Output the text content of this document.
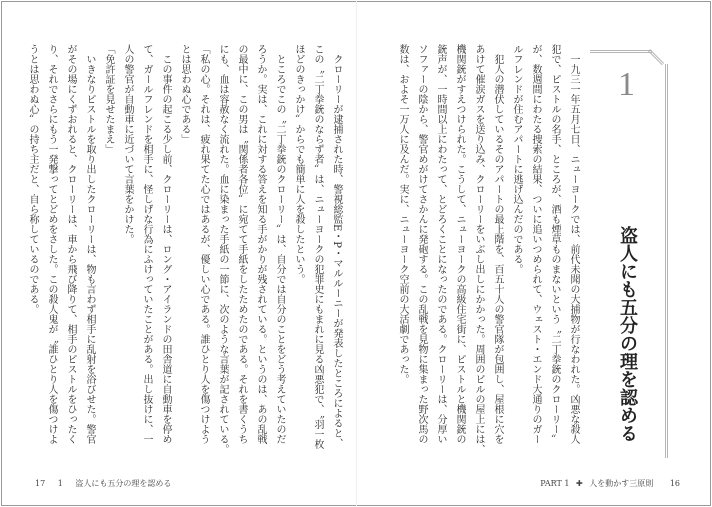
1
盗人にも五分の理を認める

　一九三一年五月七日、ニューヨークでは、前代未聞の大捕物が行なわれた。凶悪な殺人

犯で、ピストルの名手、ところが、酒も煙草ものまないという〝二丁拳銃のクローリー〟

が、数週間にわたる捜索の結果、ついに追いつめられて、ウェスト・エンド大通りのガー

ルフレンドが住むアパートに逃げ込んだのである。

　犯人の潜伏しているそのアパートの最上階を、百五十人の警官隊が包囲し、屋根に穴を

あけて催涙ガスを送り込み、クローリーをいぶし出しにかかった。周囲のビルの屋上には、

機関銃がすえつけられた。こうして、ニューヨークの高級住宅街に、ピストルと機関銃の

銃声が、一時間以上にわたって、とどろくことになったのである。クローリーは、分厚い

ソファーの陰から、警官めがけてさかんに発砲する。この乱戦を見物に集まった野次馬の

数は、およそ一万人に及んだ。実に、ニューヨーク空前の大活劇であった。

　クローリーが逮捕された時、警視総監E・P・マルルーニーが発表したところによると、

この〝二丁拳銃のならず者〟は、ニューヨークの犯罪史にもまれに見る凶悪犯で、〝羽一枚

ほどのきっかけ〟からでも簡単に人を殺したという。

　ところでこの〝二丁拳銃のクローリー〟は、自分では自分のことをどう考えていたのだ

ろうか。実は、これに対する答えを知る手がかりが残されている。というのは、あの乱戦

の最中に、この男は〝関係者各位〟に宛てて手紙をしたためたのである。それを書くうち

にも、血は容赦なく流れた。血に染まった手紙の一節に、次のような言葉が記されている。

「私の心。それは、疲れ果てた心ではあるが、優しい心である。誰ひとり人を傷つけよう

とは思わぬ心である」

　この事件の起こる少し前、クローリーは、ロング・アイランドの田舎道に自動車を停め

て、ガールフレンドを相手に、怪しげな行為にふけっていたことがある。出し抜けに、一

人の警官が自動車に近づいて言葉をかけた。

「免許証を見せたまえ」

　いきなりピストルを取り出したクローリーは、物も言わず相手に乱射を浴びせた。警官

がその場にくずおれると、クローリーは、車から飛び降りて、相手のピストルをひったく

り、それでさらにもう一発撃ってとどめをさした。この殺人鬼が〝誰ひとり人を傷つけよ

うとは思わぬ心〟の持ち主だと、自ら称しているのである。

17 1 盗人にも五分の理を認める	PART 1 ✚ 人を動かす三原則 16
